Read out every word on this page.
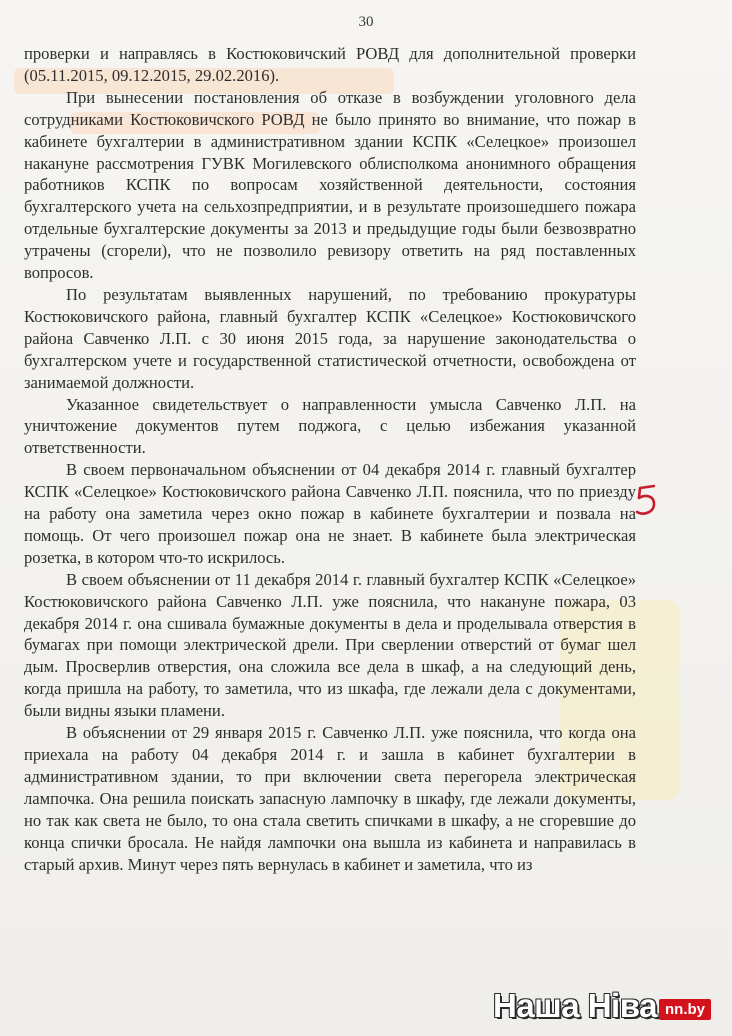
30

проверки и направлясь в Костюковичский РОВД для дополнительной проверки (05.11.2015, 09.12.2015, 29.02.2016).

При вынесении постановления об отказе в возбуждении уголовного дела сотрудниками Костюковичского РОВД не было принято во внимание, что пожар в кабинете бухгалтерии в административном здании КСПК «Селецкое» произошел накануне рассмотрения ГУВК Могилевского облисполкома анонимного обращения работников КСПК по вопросам хозяйственной деятельности, состояния бухгалтерского учета на сельхозпредприятии, и в результате произошедшего пожара отдельные бухгалтерские документы за 2013 и предыдущие годы были безвозвратно утрачены (сгорели), что не позволило ревизору ответить на ряд поставленных вопросов.

По результатам выявленных нарушений, по требованию прокуратуры Костюковичского района, главный бухгалтер КСПК «Селецкое» Костюковичского района Савченко Л.П. с 30 июня 2015 года, за нарушение законодательства о бухгалтерском учете и государственной статистической отчетности, освобождена от занимаемой должности.

Указанное свидетельствует о направленности умысла Савченко Л.П. на уничтожение документов путем поджога, с целью избежания указанной ответственности.

В своем первоначальном объяснении от 04 декабря 2014 г. главный бухгалтер КСПК «Селецкое» Костюковичского района Савченко Л.П. пояснила, что по приезду на работу она заметила через окно пожар в кабинете бухгалтерии и позвала на помощь. От чего произошел пожар она не знает. В кабинете была электрическая розетка, в котором что-то искрилось.

В своем объяснении от 11 декабря 2014 г. главный бухгалтер КСПК «Селецкое» Костюковичского района Савченко Л.П. уже пояснила, что накануне пожара, 03 декабря 2014 г. она сшивала бумажные документы в дела и проделывала отверстия в бумагах при помощи электрической дрели. При сверлении отверстий от бумаг шел дым. Просверлив отверстия, она сложила все дела в шкаф, а на следующий день, когда пришла на работу, то заметила, что из шкафа, где лежали дела с документами, были видны языки пламени.

В объяснении от 29 января 2015 г. Савченко Л.П. уже пояснила, что когда она приехала на работу 04 декабря 2014 г. и зашла в кабинет бухгалтерии в административном здании, то при включении света перегорела электрическая лампочка. Она решила поискать запасную лампочку в шкафу, где лежали документы, но так как света не было, то она стала светить спичками в шкафу, а не сгоревшие до конца спички бросала. Не найдя лампочки она вышла из кабинета и направилась в старый архив. Минут через пять вернулась в кабинет и заметила, что из

Наша Ніва nn.by
